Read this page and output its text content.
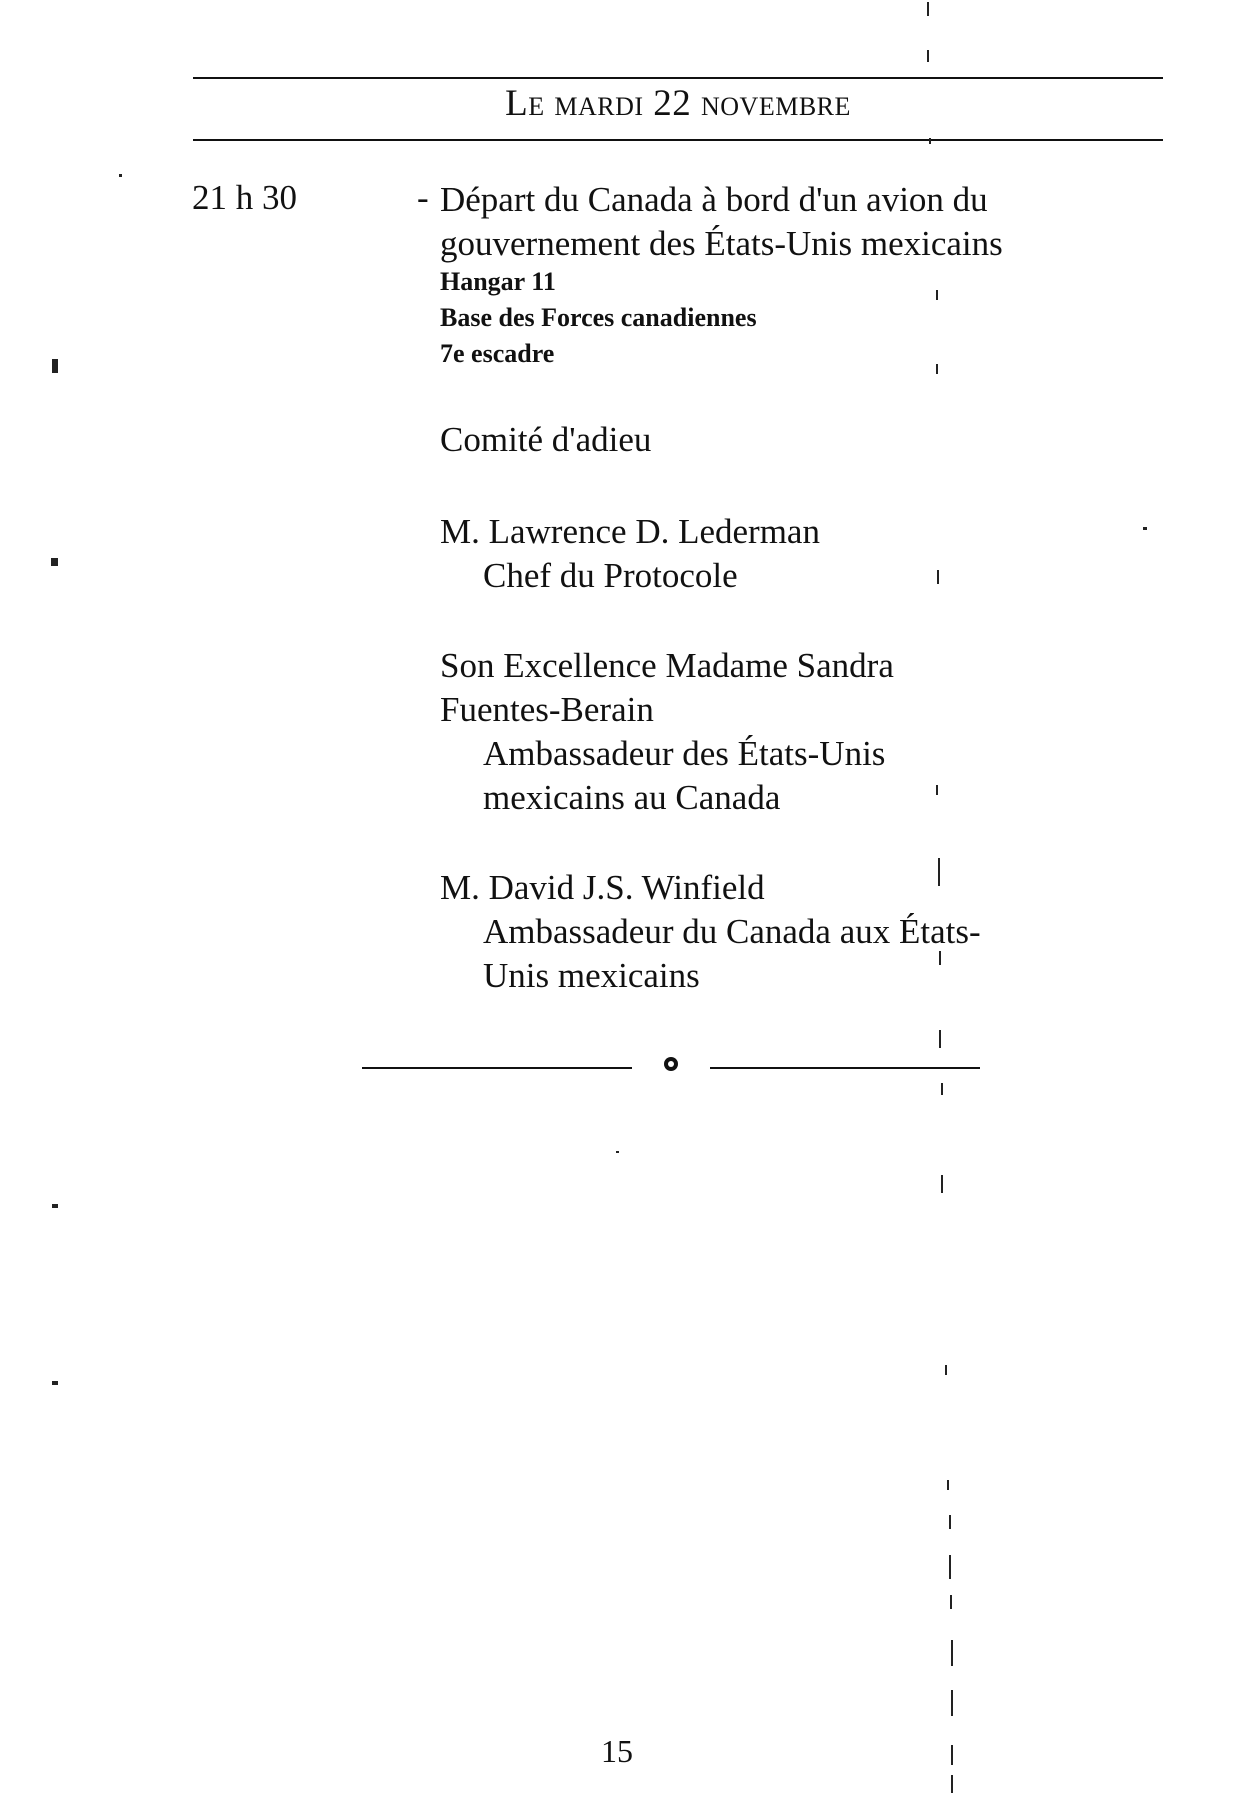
Le mardi 22 novembre
21 h 30	- Départ du Canada à bord d'un avion du
gouvernement des États-Unis mexicains
Hangar 11
Base des Forces canadiennes
7e escadre
Comité d'adieu
M. Lawrence D. Lederman
Chef du Protocole
Son Excellence Madame Sandra
Fuentes-Berain
Ambassadeur des États-Unis
mexicains au Canada
M. David J.S. Winfield
Ambassadeur du Canada aux États-
Unis mexicains
15
